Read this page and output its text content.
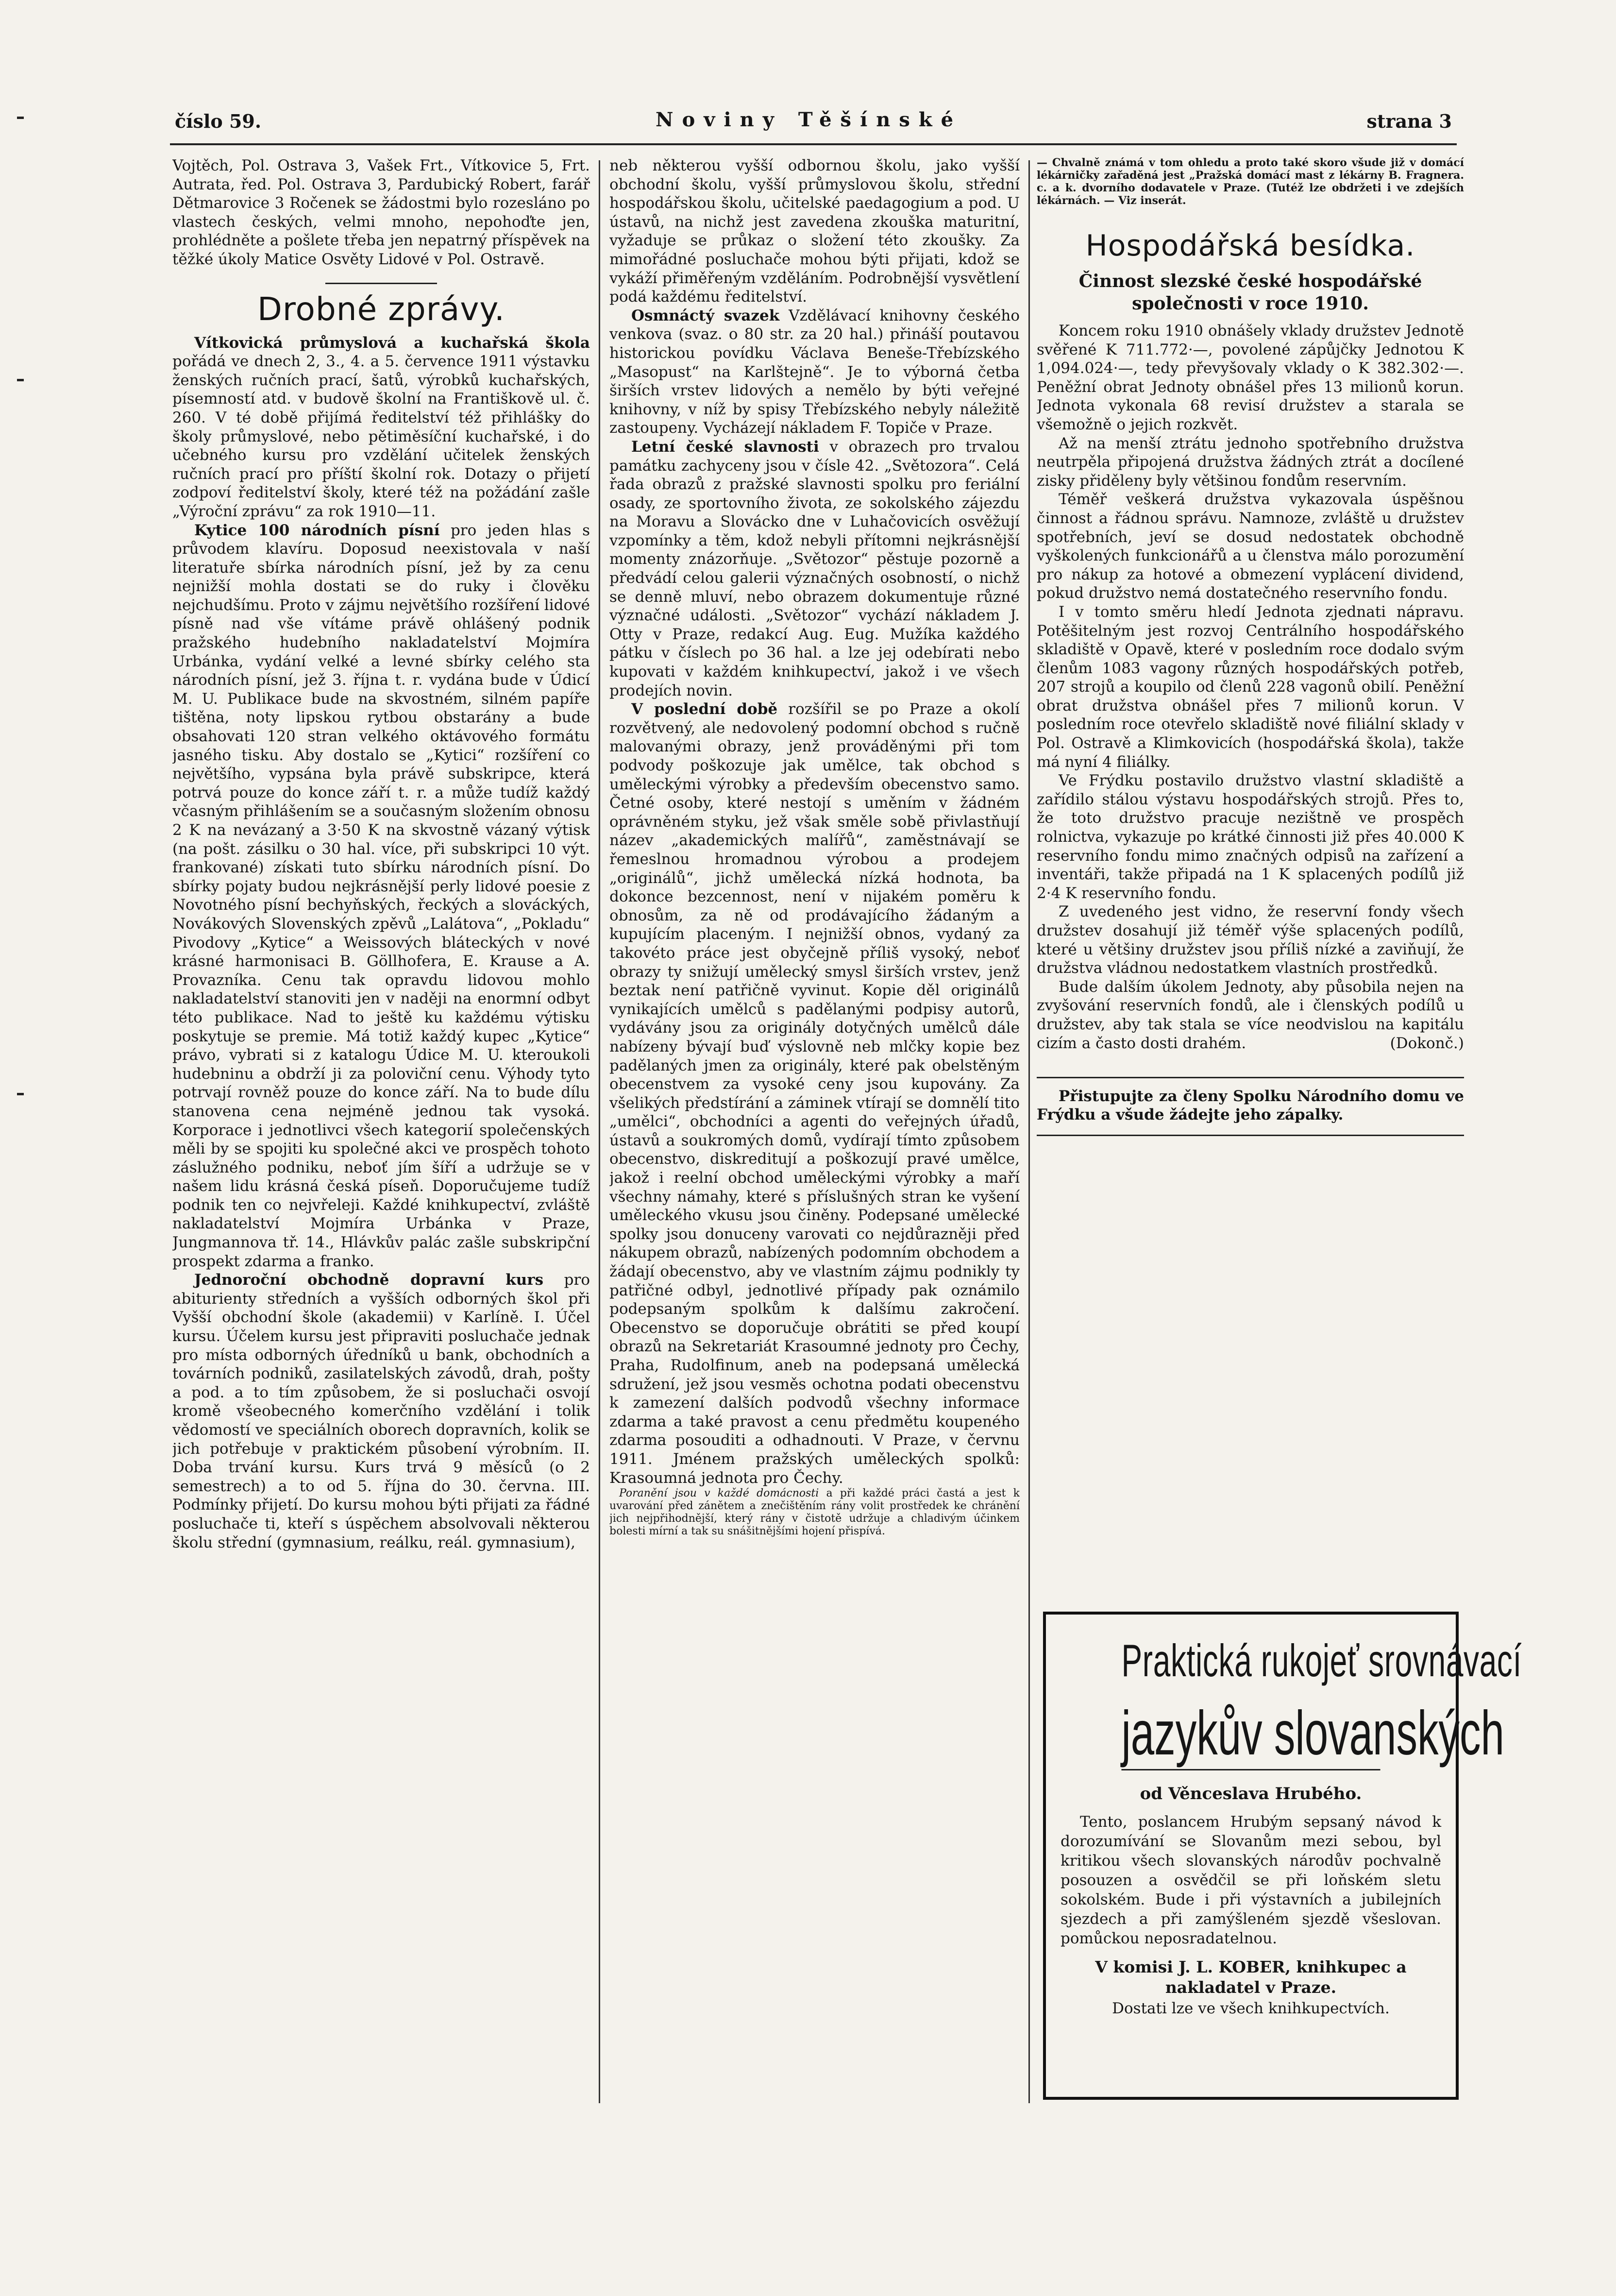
číslo 59.	Noviny Těšínské	strana 3

Vojtěch, Pol. Ostrava 3, Vašek Frt., Vítkovice 5, Frt. Autrata, řed. Pol. Ostrava 3, Pardubický Robert, farář Dětmarovice 3 Ročenek se žádostmi bylo rozesláno po vlastech českých, velmi mnoho, nepohoďte jen, prohlédněte a pošlete třeba jen nepatrný příspěvek na těžké úkoly Matice Osvěty Lidové v Pol. Ostravě.

Drobné zprávy.

Vítkovická průmyslová a kuchařská škola pořádá ve dnech 2, 3., 4. a 5. července 1911 výstavku ženských ručních prací, šatů, výrobků kuchařských, písemností atd. v budově školní na Františkově ul. č. 260. V té době přijímá ředitelství též přihlášky do školy průmyslové, nebo pětiměsíční kuchařské, i do učebného kursu pro vzdělání učitelek ženských ručních prací pro příští školní rok. Dotazy o přijetí zodpoví ředitelství školy, které též na požádání zašle „Výroční zprávu“ za rok 1910—11.

Kytice 100 národních písní pro jeden hlas s průvodem klavíru. Doposud neexistovala v naší literatuře sbírka národních písní, jež by za cenu nejnižší mohla dostati se do ruky i člověku nejchudšímu. Proto v zájmu největšího rozšíření lidové písně nad vše vítáme právě ohlášený podnik pražského hudebního nakladatelství Mojmíra Urbánka, vydání velké a levné sbírky celého sta národních písní, jež 3. října t. r. vydána bude v Údicí M. U. Publikace bude na skvostném, silném papíře tištěna, noty lipskou rytbou obstarány a bude obsahovati 120 stran velkého oktávového formátu jasného tisku. Aby dostalo se „Kytici“ rozšíření co největšího, vypsána byla právě subskripce, která potrvá pouze do konce září t. r. a může tudíž každý včasným přihlášením se a současným složením obnosu 2 K na nevázaný a 3·50 K na skvostně vázaný výtisk (na pošt. zásilku o 30 hal. více, při subskripci 10 výt. frankované) získati tuto sbírku národních písní. Do sbírky pojaty budou nejkrásnější perly lidové poesie z Novotného písní bechyňských, řeckých a slováckých, Novákových Slovenských zpěvů „Lalátova“, „Pokladu“ Pivodovy „Kytice“ a Weissových bláteckých v nové krásné harmonisaci B. Göllhofera, E. Krause a A. Provazníka. Cenu tak opravdu lidovou mohlo nakladatelství stanoviti jen v naději na enormní odbyt této publikace. Nad to ještě ku každému výtisku poskytuje se premie. Má totiž každý kupec „Kytice“ právo, vybrati si z katalogu Údice M. U. kteroukoli hudebninu a obdrží ji za poloviční cenu. Výhody tyto potrvají rovněž pouze do konce září. Na to bude dílu stanovena cena nejméně jednou tak vysoká. Korporace i jednotlivci všech kategorií společenských měli by se spojiti ku společné akci ve prospěch tohoto záslužného podniku, neboť jím šíří a udržuje se v našem lidu krásná česká píseň. Doporučujeme tudíž podnik ten co nejvřeleji. Každé knihkupectví, zvláště nakladatelství Mojmíra Urbánka v Praze, Jungmannova tř. 14., Hlávkův palác zašle subskripční prospekt zdarma a franko.

Jednoroční obchodně dopravní kurs pro abiturienty středních a vyšších odborných škol při Vyšší obchodní škole (akademii) v Karlíně. I. Účel kursu. Účelem kursu jest připraviti posluchače jednak pro místa odborných úředníků u bank, obchodních a továrních podniků, zasilatelských závodů, drah, pošty a pod. a to tím způsobem, že si posluchači osvojí kromě všeobecného komerčního vzdělání i tolik vědomostí ve speciálních oborech dopravních, kolik se jich potřebuje v praktickém působení výrobním. II. Doba trvání kursu. Kurs trvá 9 měsíců (o 2 semestrech) a to od 5. října do 30. června. III. Podmínky přijetí. Do kursu mohou býti přijati za řádné posluchače ti, kteří s úspěchem absolvovali některou školu střední (gymnasium, reálku, reál. gymnasium),

neb některou vyšší odbornou školu, jako vyšší obchodní školu, vyšší průmyslovou školu, střední hospodářskou školu, učitelské paedagogium a pod. U ústavů, na nichž jest zavedena zkouška maturitní, vyžaduje se průkaz o složení této zkoušky. Za mimořádné posluchače mohou býti přijati, kdož se vykáží přiměřeným vzděláním. Podrobnější vysvětlení podá každému ředitelství.

Osmnáctý svazek Vzdělávací knihovny českého venkova (svaz. o 80 str. za 20 hal.) přináší poutavou historickou povídku Václava Beneše-Třebízského „Masopust“ na Karlštejně“. Je to výborná četba širších vrstev lidových a nemělo by býti veřejné knihovny, v níž by spisy Třebízského nebyly náležitě zastoupeny. Vycházejí nákladem F. Topiče v Praze.

Letní české slavnosti v obrazech pro trvalou památku zachyceny jsou v čísle 42. „Světozora“. Celá řada obrazů z pražské slavnosti spolku pro feriální osady, ze sportovního života, ze sokolského zájezdu na Moravu a Slovácko dne v Luhačovicích osvěžují vzpomínky a těm, kdož nebyli přítomni nejkrásnější momenty znázorňuje. „Světozor“ pěstuje pozorně a předvádí celou galerii význačných osobností, o nichž se denně mluví, nebo obrazem dokumentuje různé význačné události. „Světozor“ vychází nákladem J. Otty v Praze, redakcí Aug. Eug. Mužíka každého pátku v číslech po 36 hal. a lze jej odebírati nebo kupovati v každém knihkupectví, jakož i ve všech prodejích novin.

V poslední době rozšířil se po Praze a okolí rozvětvený, ale nedovolený podomní obchod s ručně malovanými obrazy, jenž prováděnými při tom podvody poškozuje jak umělce, tak obchod s uměleckými výrobky a především obecenstvo samo. Četné osoby, které nestojí s uměním v žádném oprávněném styku, jež však směle sobě přivlastňují název „akademických malířů“, zaměstnávají se řemeslnou hromadnou výrobou a prodejem „originálů“, jichž umělecká nízká hodnota, ba dokonce bezcennost, není v nijakém poměru k obnosům, za ně od prodávajícího žádaným a kupujícím placeným. I nejnižší obnos, vydaný za takovéto práce jest obyčejně příliš vysoký, neboť obrazy ty snižují umělecký smysl širších vrstev, jenž beztak není patřičně vyvinut. Kopie děl originálů vynikajících umělců s padělanými podpisy autorů, vydávány jsou za originály dotyčných umělců dále nabízeny bývají buď výslovně neb mlčky kopie bez padělaných jmen za originály, které pak obelstěným obecenstvem za vysoké ceny jsou kupovány. Za všelikých předstírání a záminek vtírají se domnělí tito „umělci“, obchodníci a agenti do veřejných úřadů, ústavů a soukromých domů, vydírají tímto způsobem obecenstvo, diskreditují a poškozují pravé umělce, jakož i reelní obchod uměleckými výrobky a maří všechny námahy, které s příslušných stran ke vyšení uměleckého vkusu jsou činěny. Podepsané umělecké spolky jsou donuceny varovati co nejdůrazněji před nákupem obrazů, nabízených podomním obchodem a žádají obecenstvo, aby ve vlastním zájmu podnikly ty patřičné odbyl, jednotlivé případy pak oznámilo podepsaným spolkům k dalšímu zakročení. Obecenstvo se doporučuje obrátiti se před koupí obrazů na Sekretariát Krasoumné jednoty pro Čechy, Praha, Rudolfinum, aneb na podepsaná umělecká sdružení, jež jsou vesměs ochotna podati obecenstvu k zamezení dalších podvodů všechny informace zdarma a také pravost a cenu předmětu koupeného zdarma posouditi a odhadnouti. V Praze, v červnu 1911. Jménem pražských uměleckých spolků: Krasoumná jednota pro Čechy.

Poranění jsou v každé domácnosti a při každé práci častá a jest k uvarování před zánětem a znečištěním rány volit prostředek ke chránění jich nejpřihodnější, který rány v čistotě udržuje a chladivým účinkem bolesti mírní a tak su snášitnějšími hojení přispívá.

— Chvalně známá v tom ohledu a proto také skoro všude již v domácí lékárničky zařaděná jest „Pražská domácí mast z lékárny B. Fragnera. c. a k. dvorního dodavatele v Praze. (Tutéž lze obdržeti i ve zdejších lékárnách. — Viz inserát.

Hospodářská besídka.
Činnost slezské české hospodářské společnosti v roce 1910.

Koncem roku 1910 obnášely vklady družstev Jednotě svěřené K 711.772·—, povolené zápůjčky Jednotou K 1,094.024·—, tedy převyšovaly vklady o K 382.302·—. Peněžní obrat Jednoty obnášel přes 13 milionů korun. Jednota vykonala 68 revisí družstev a starala se všemožně o jejich rozkvět.

Až na menší ztrátu jednoho spotřebního družstva neutrpěla připojená družstva žádných ztrát a docílené zisky přiděleny byly většinou fondům reservním.

Téměř veškerá družstva vykazovala úspěšnou činnost a řádnou správu. Namnoze, zvláště u družstev spotřebních, jeví se dosud nedostatek obchodně vyškolených funkcionářů a u členstva málo porozumění pro nákup za hotové a obmezení vyplácení dividend, pokud družstvo nemá dostatečného reservního fondu.

I v tomto směru hledí Jednota zjednati nápravu. Potěšitelným jest rozvoj Centrálního hospodářského skladiště v Opavě, které v posledním roce dodalo svým členům 1083 vagony různých hospodářských potřeb, 207 strojů a koupilo od členů 228 vagonů obilí. Peněžní obrat družstva obnášel přes 7 milionů korun. V posledním roce otevřelo skladiště nové filiální sklady v Pol. Ostravě a Klimkovicích (hospodářská škola), takže má nyní 4 filiálky.

Ve Frýdku postavilo družstvo vlastní skladiště a zařídilo stálou výstavu hospodářských strojů. Přes to, že toto družstvo pracuje nezištně ve prospěch rolnictva, vykazuje po krátké činnosti již přes 40.000 K reservního fondu mimo značných odpisů na zařízení a inventáři, takže připadá na 1 K splacených podílů již 2·4 K reservního fondu.

Z uvedeného jest vidno, že reservní fondy všech družstev dosahují již téměř výše splacených podílů, které u většiny družstev jsou příliš nízké a zaviňují, že družstva vládnou nedostatkem vlastních prostředků.

Bude dalším úkolem Jednoty, aby působila nejen na zvyšování reservních fondů, ale i členských podílů u družstev, aby tak stala se více neodvislou na kapitálu cizím a často dosti drahém.	(Dokonč.)

Přistupujte za členy Spolku Národního domu ve Frýdku a všude žádejte jeho zápalky.

Praktická rukojeť srovnávací
jazykův slovanských
od Věnceslava Hrubého.

Tento, poslancem Hrubým sepsaný návod k dorozumívání se Slovanům mezi sebou, byl kritikou všech slovanských národův pochvalně posouzen a osvědčil se při loňském sletu sokolském. Bude i při výstavních a jubilejních sjezdech a při zamýšleném sjezdě všeslovan. pomůckou neposradatelnou.

V komisi J. L. KOBER, knihkupec a nakladatel v Praze.
Dostati lze ve všech knihkupectvích.
